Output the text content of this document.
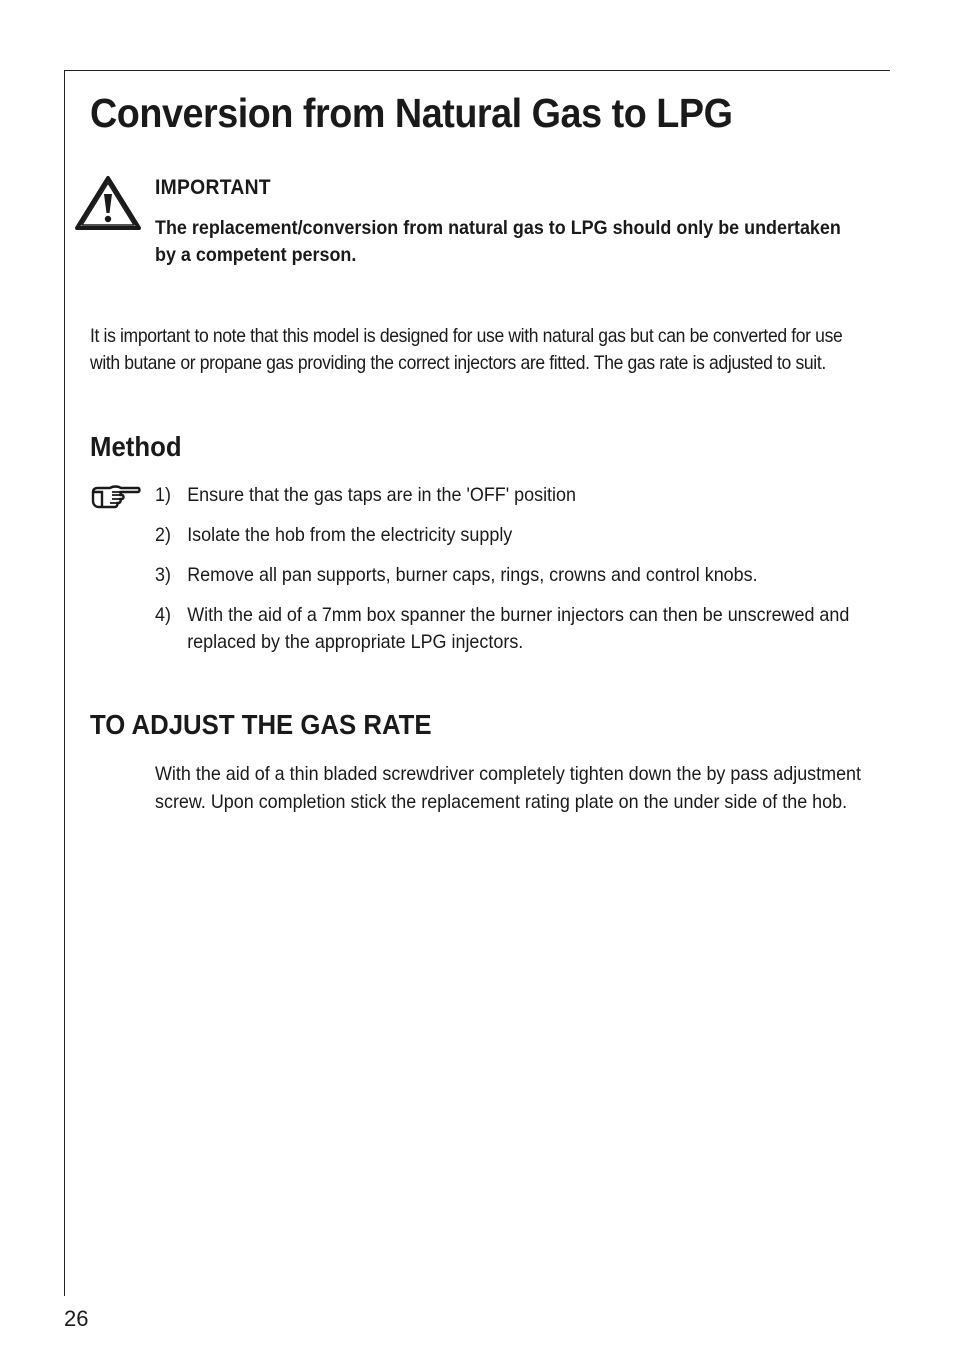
Conversion from Natural Gas to LPG
IMPORTANT
The replacement/conversion from natural gas to LPG should only be undertaken by a competent person.
It is important to note that this model is designed for use with natural gas but can be converted for use with butane or propane gas providing the correct injectors are fitted. The gas rate is adjusted to suit.
Method
1) Ensure that the gas taps are in the 'OFF' position
2) Isolate the hob from the electricity supply
3) Remove all pan supports, burner caps, rings, crowns and control knobs.
4) With the aid of a 7mm box spanner the burner injectors can then be unscrewed and replaced by the appropriate LPG injectors.
TO ADJUST THE GAS RATE
With the aid of a thin bladed screwdriver completely tighten down the by pass adjustment screw. Upon completion stick the replacement rating plate on the under side of the hob.
26
